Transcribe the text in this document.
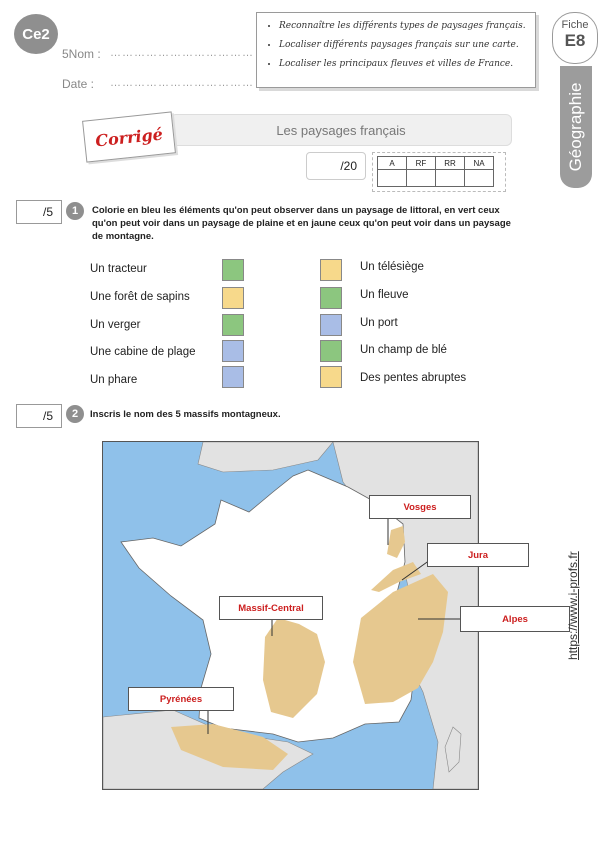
Ce2
5Nom : ………………………………
Date : ………………………………
• Reconnaître les différents types de paysages français.
• Localiser différents paysages français sur une carte.
• Localiser les principaux fleuves et villes de France.
Géographie
Fiche
E8
Les paysages français
Corrigé
/20	A	RF	RR	NA

/5	1	Colorie en bleu les éléments qu'on peut observer dans un paysage de littoral, en vert ceux qu'on peut voir dans un paysage de plaine et en jaune ceux qu'on peut voir dans un paysage de montagne.
Un tracteur
Une forêt de sapins
Un verger
Une cabine de plage
Un phare
Un télésiège
Un fleuve
Un port
Un champ de blé
Des pentes abruptes
/5	2	Inscris le nom des 5 massifs montagneux.
Vosges
Jura
Massif-Central
Alpes
Pyrénées
https://www.i-profs.fr
